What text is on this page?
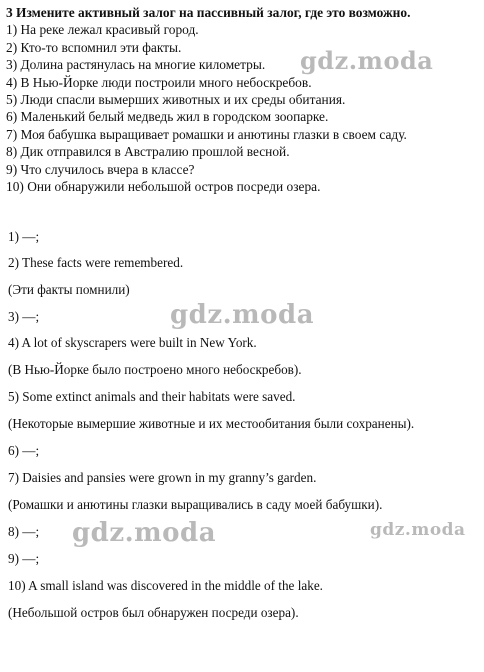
3 Измените активный залог на пассивный залог, где это возможно.
1) На реке лежал красивый город.
2) Кто-то вспомнил эти факты.
3) Долина растянулась на многие километры.
4) В Нью-Йорке люди построили много небоскребов.
5) Люди спасли вымерших животных и их среды обитания.
6) Маленький белый медведь жил в городском зоопарке.
7) Моя бабушка выращивает ромашки и анютины глазки в своем саду.
8) Дик отправился в Австралию прошлой весной.
9) Что случилось вчера в классе?
10) Они обнаружили небольшой остров посреди озера.
1) —;
2) These facts were remembered.
(Эти факты помнили)
3) —;
4) A lot of skyscrapers were built in New York.
(В Нью-Йорке было построено много небоскребов).
5) Some extinct animals and their habitats were saved.
(Некоторые вымершие животные и их местообитания были сохранены).
6) —;
7) Daisies and pansies were grown in my granny’s garden.
(Ромашки и анютины глазки выращивались в саду моей бабушки).
8) —;
9) —;
10) A small island was discovered in the middle of the lake.
(Небольшой остров был обнаружен посреди озера).
gdz.moda
gdz.moda
gdz.moda	gdz.moda
